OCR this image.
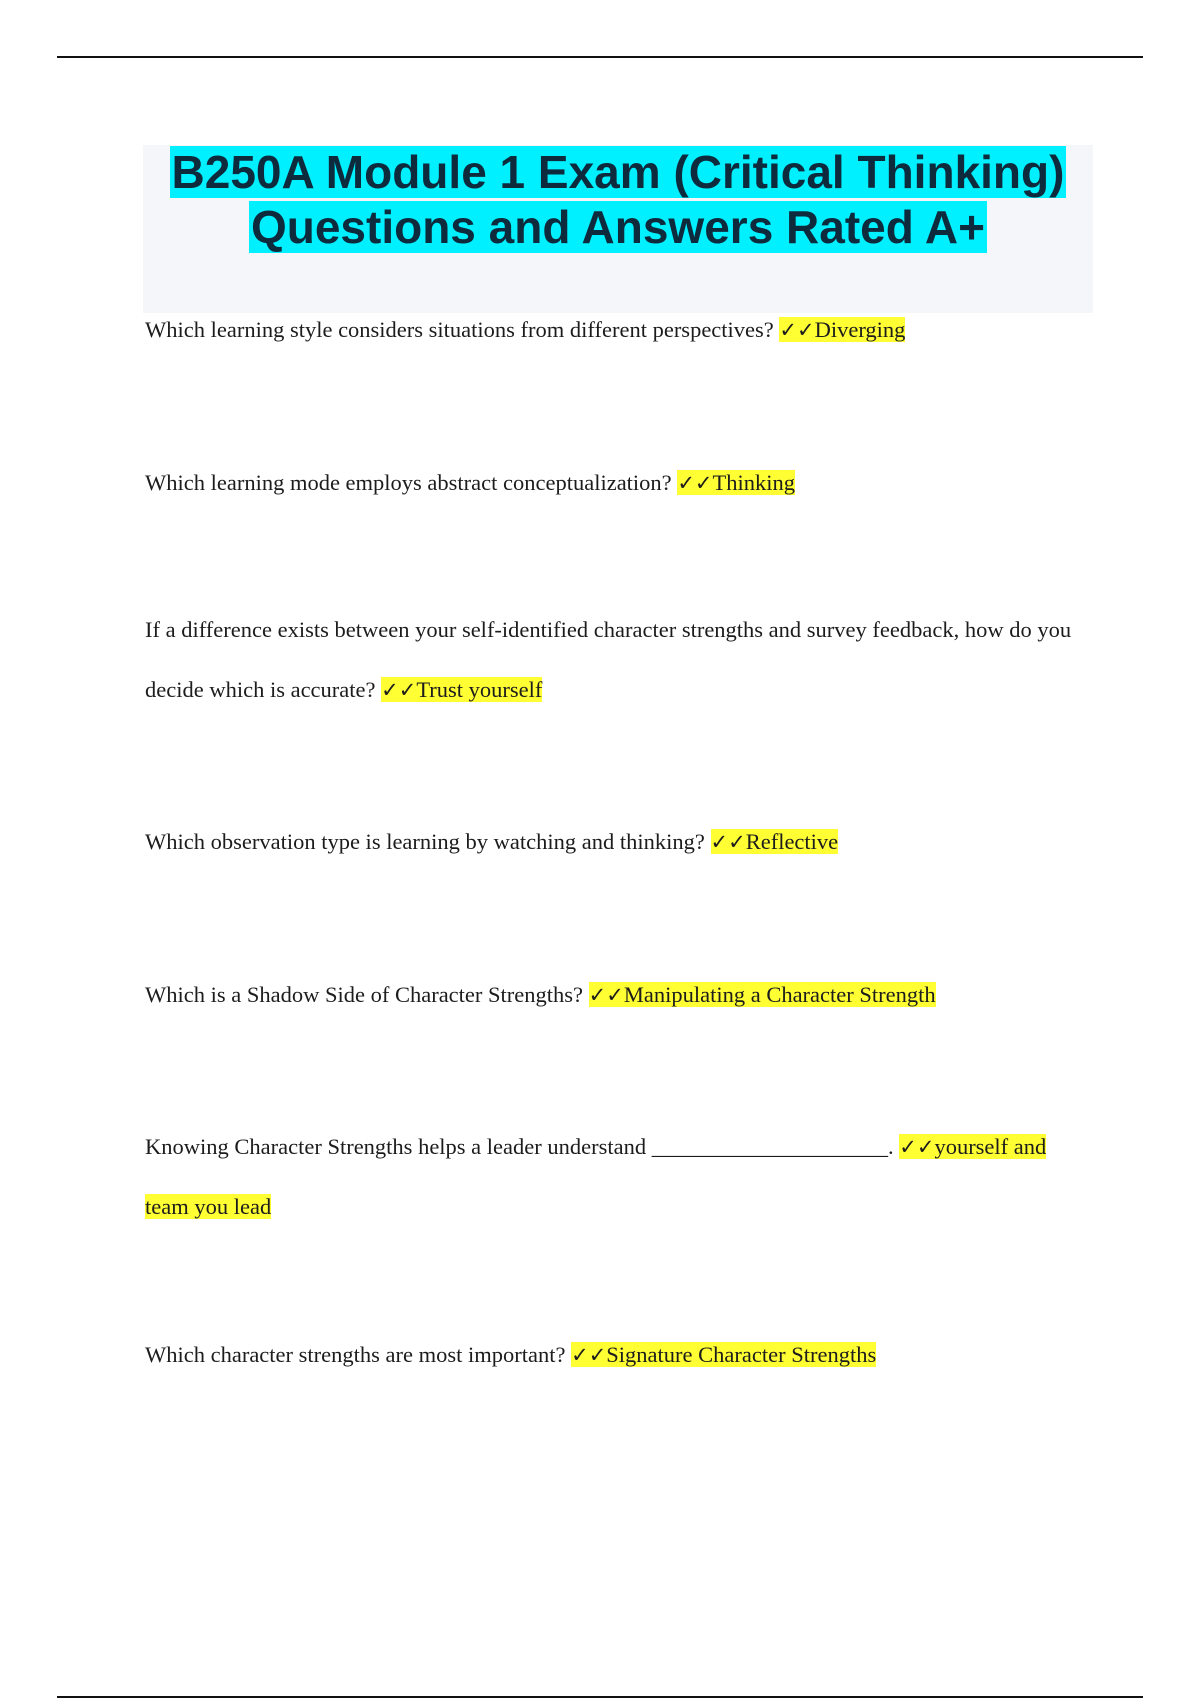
B250A Module 1 Exam (Critical Thinking)
Questions and Answers Rated A+

Which learning style considers situations from different perspectives? ✓✓Diverging

Which learning mode employs abstract conceptualization? ✓✓Thinking

If a difference exists between your self-identified character strengths and survey feedback, how do you decide which is accurate? ✓✓Trust yourself

Which observation type is learning by watching and thinking? ✓✓Reflective

Which is a Shadow Side of Character Strengths? ✓✓Manipulating a Character Strength

Knowing Character Strengths helps a leader understand _____________________. ✓✓yourself and team you lead

Which character strengths are most important? ✓✓Signature Character Strengths
